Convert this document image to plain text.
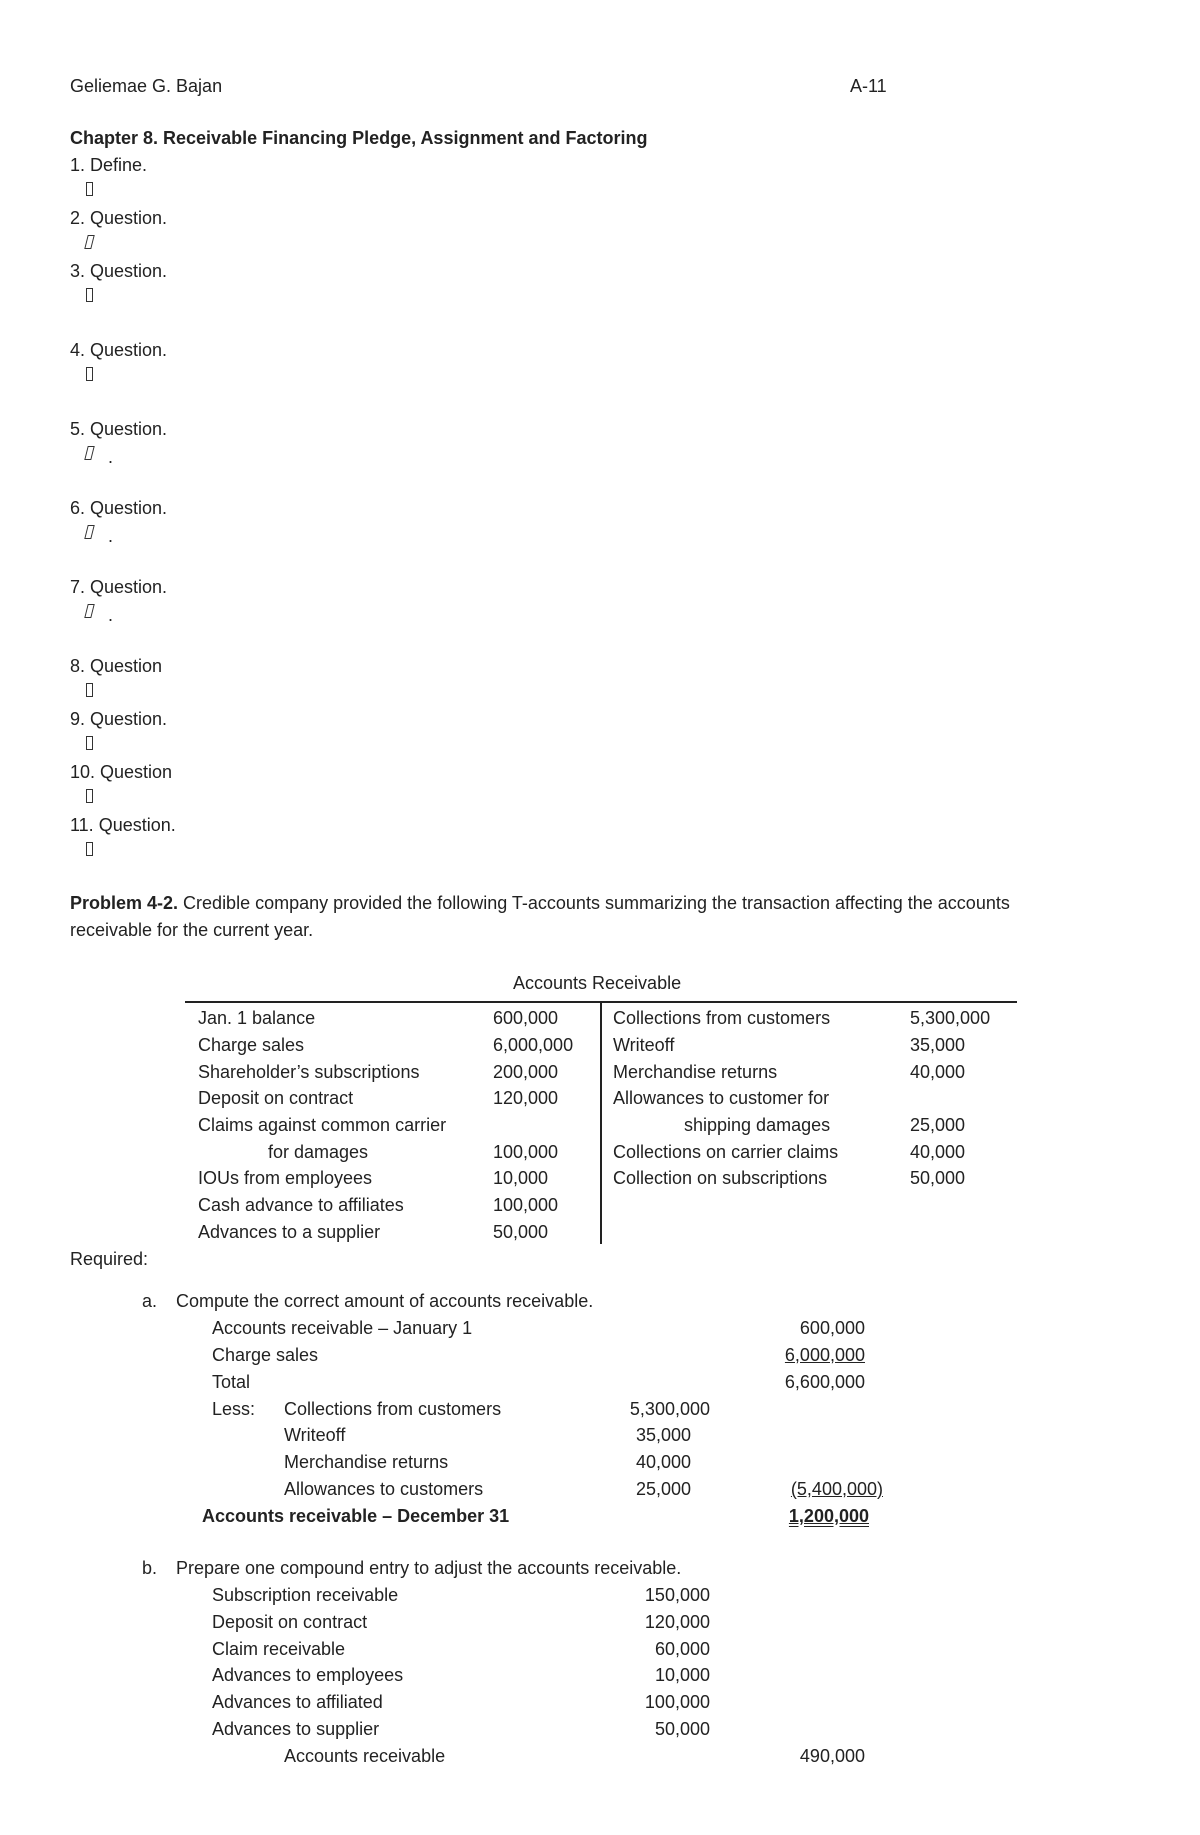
Geliemae G. Bajan	A-11
Chapter 8. Receivable Financing Pledge, Assignment and Factoring
1. Define.
2. Question.
3. Question.
4. Question.
5. Question.
.
6. Question.
.
7. Question.
.
8. Question
9. Question.
10. Question
11. Question.
Problem 4-2. Credible company provided the following T-accounts summarizing the transaction affecting the accounts
receivable for the current year.
Accounts Receivable
Jan. 1 balance	600,000
Charge sales	6,000,000
Shareholder’s subscriptions	200,000
Deposit on contract	120,000
Claims against common carrier
for damages	100,000
IOUs from employees	10,000
Cash advance to affiliates	100,000
Advances to a supplier	50,000
Collections from customers	5,300,000
Writeoff	35,000
Merchandise returns	40,000
Allowances to customer for
shipping damages	25,000
Collections on carrier claims	40,000
Collection on subscriptions	50,000
Required:
a. Compute the correct amount of accounts receivable.
Accounts receivable – January 1	600,000
Charge sales	6,000,000
Total	6,600,000
Less: Collections from customers	5,300,000
Writeoff	35,000
Merchandise returns	40,000
Allowances to customers	25,000	(5,400,000)
Accounts receivable – December 31	1,200,000
b. Prepare one compound entry to adjust the accounts receivable.
Subscription receivable	150,000
Deposit on contract	120,000
Claim receivable	60,000
Advances to employees	10,000
Advances to affiliated	100,000
Advances to supplier	50,000
Accounts receivable	490,000
